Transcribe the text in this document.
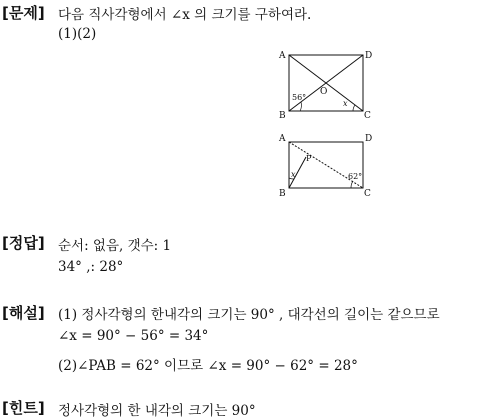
[문제] 다음 직사각형에서 ∠x 의 크기를 구하여라.
(1)(2)
A	D
B	C
O
56°
x
A	D
B	C
P
x	62°
[정답] 순서: 없음, 갯수: 1
34° ,: 28°
[해설] (1) 정사각형의 한내각의 크기는 90° , 대각선의 길이는 같으므로
∠x = 90° − 56° = 34°
(2)∠PAB = 62° 이므로 ∠x = 90° − 62° = 28°
[힌트] 정사각형의 한 내각의 크기는 90°
